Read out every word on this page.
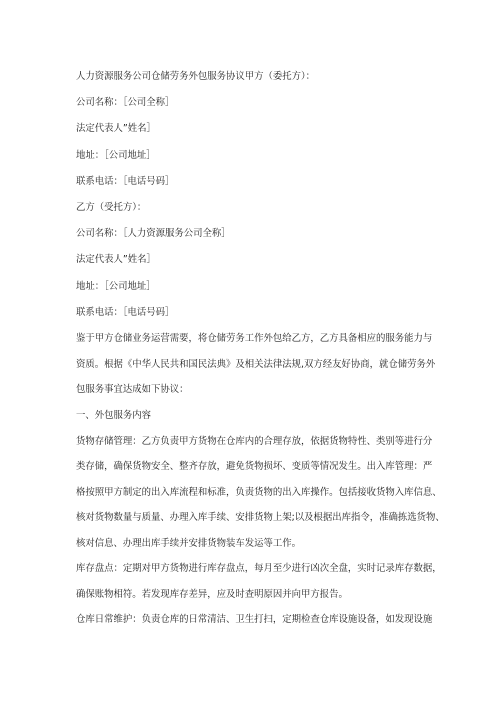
人力资源服务公司仓储劳务外包服务协议甲方（委托方）：

公司名称：［公司全称］

法定代表人”姓名］

地址：［公司地址］

联系电话：［电话号码］

乙方（受托方）：

公司名称：［人力资源服务公司全称］

法定代表人”姓名］

地址：［公司地址］

联系电话：［电话号码］

鉴于甲方仓储业务运营需要，将仓储劳务工作外包给乙方，乙方具备相应的服务能力与
资质。根据《中华人民共和国民法典》及相关法律法规,双方经友好协商，就仓储劳务外
包服务事宜达成如下协议：

一、外包服务内容

货物存储管理：乙方负责甲方货物在仓库内的合理存放，依据货物特性、类别等进行分
类存储，确保货物安全、整齐存放，避免货物损坏、变质等情况发生。出入库管理：严
格按照甲方制定的出入库流程和标准，负责货物的出入库操作。包括接收货物入库信息、
核对货物数量与质量、办理入库手续、安排货物上架;以及根据出库指令，准确拣选货物、
核对信息、办理出库手续并安排货物装车发运等工作。

库存盘点：定期对甲方货物进行库存盘点，每月至少进行凶次全盘，实时记录库存数据，
确保账物相符。若发现库存差异，应及时查明原因并向甲方报告。

仓库日常维护：负责仓库的日常清洁、卫生打扫，定期检查仓库设施设备，如发现设施
